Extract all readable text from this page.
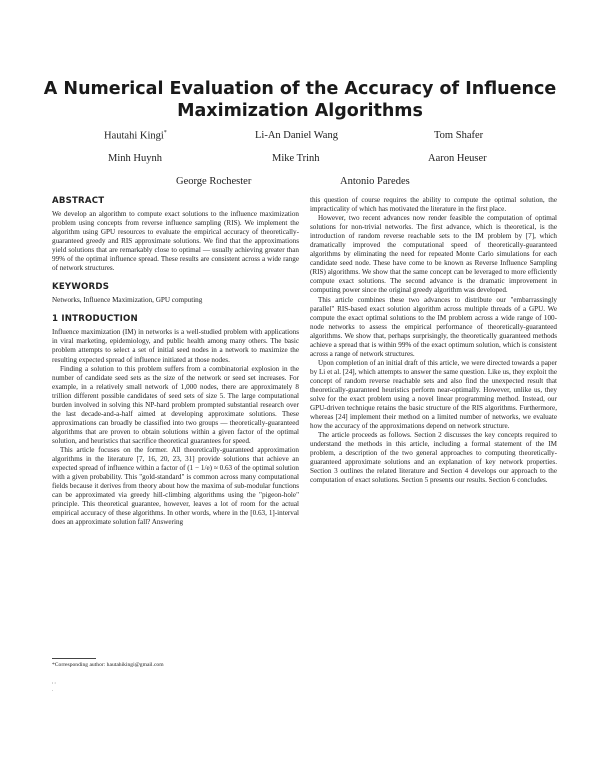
A Numerical Evaluation of the Accuracy of Influence
Maximization Algorithms
Hautahi Kingi*	Li-An Daniel Wang	Tom Shafer
Minh Huynh	Mike Trinh	Aaron Heuser
George Rochester	Antonio Paredes
ABSTRACT

We develop an algorithm to compute exact solutions to the influence maximization problem using concepts from reverse influence sampling (RIS). We implement the algorithm using GPU resources to evaluate the empirical accuracy of theoretically-guaranteed greedy and RIS approximate solutions. We find that the approximations yield solutions that are remarkably close to optimal — usually achieving greater than 99% of the optimal influence spread. These results are consistent across a wide range of network structures.

KEYWORDS

Networks, Influence Maximization, GPU computing

1 INTRODUCTION

Influence maximization (IM) in networks is a well-studied problem with applications in viral marketing, epidemiology, and public health among many others. The basic problem attempts to select a set of initial seed nodes in a network to maximize the resulting expected spread of influence initiated at those nodes.

Finding a solution to this problem suffers from a combinatorial explosion in the number of candidate seed sets as the size of the network or seed set increases. For example, in a relatively small network of 1,000 nodes, there are approximately 8 trillion different possible candidates of seed sets of size 5. The large computational burden involved in solving this NP-hard problem prompted substantial research over the last decade-and-a-half aimed at developing approximate solutions. These approximations can broadly be classified into two groups — theoretically-guaranteed algorithms that are proven to obtain solutions within a given factor of the optimal solution, and heuristics that sacrifice theoretical guarantees for speed.

This article focuses on the former. All theoretically-guaranteed approximation algorithms in the literature [7, 16, 20, 23, 31] provide solutions that achieve an expected spread of influence within a factor of (1 − 1/e) ≈ 0.63 of the optimal solution with a given probability. This "gold-standard" is common across many computational fields because it derives from theory about how the maxima of sub-modular functions can be approximated via greedy hill-climbing algorithms using the "pigeon-hole" principle. This theoretical guarantee, however, leaves a lot of room for the actual empirical accuracy of these algorithms. In other words, where in the [0.63, 1]-interval does an approximate solution fall? Answering

this question of course requires the ability to compute the optimal solution, the impracticality of which has motivated the literature in the first place.

However, two recent advances now render feasible the computation of optimal solutions for non-trivial networks. The first advance, which is theoretical, is the introduction of random reverse reachable sets to the IM problem by [7], which dramatically improved the computational speed of theoretically-guaranteed algorithms by eliminating the need for repeated Monte Carlo simulations for each candidate seed node. These have come to be known as Reverse Influence Sampling (RIS) algorithms. We show that the same concept can be leveraged to more efficiently compute exact solutions. The second advance is the dramatic improvement in computing power since the original greedy algorithm was developed.

This article combines these two advances to distribute our "embarrassingly parallel" RIS-based exact solution algorithm across multiple threads of a GPU. We compute the exact optimal solutions to the IM problem across a wide range of 100-node networks to assess the empirical performance of theoretically-guaranteed algorithms. We show that, perhaps surprisingly, the theoretically guaranteed methods achieve a spread that is within 99% of the exact optimum solution, which is consistent across a range of network structures.

Upon completion of an initial draft of this article, we were directed towards a paper by Li et al. [24], which attempts to answer the same question. Like us, they exploit the concept of random reverse reachable sets and also find the unexpected result that theoretically-guaranteed heuristics perform near-optimally. However, unlike us, they solve for the exact problem using a novel linear programming method. Instead, our GPU-driven technique retains the basic structure of the RIS algorithms. Furthermore, whereas [24] implement their method on a limited number of networks, we evaluate how the accuracy of the approximations depend on network structure.

The article proceeds as follows. Section 2 discusses the key concepts required to understand the methods in this article, including a formal statement of the IM problem, a description of the two general approaches to computing theoretically-guaranteed approximate solutions and an explanation of key network properties. Section 3 outlines the related literature and Section 4 develops our approach to the computation of exact solutions. Section 5 presents our results. Section 6 concludes.

*Corresponding author: hautahikingi@gmail.com
, ,
.
